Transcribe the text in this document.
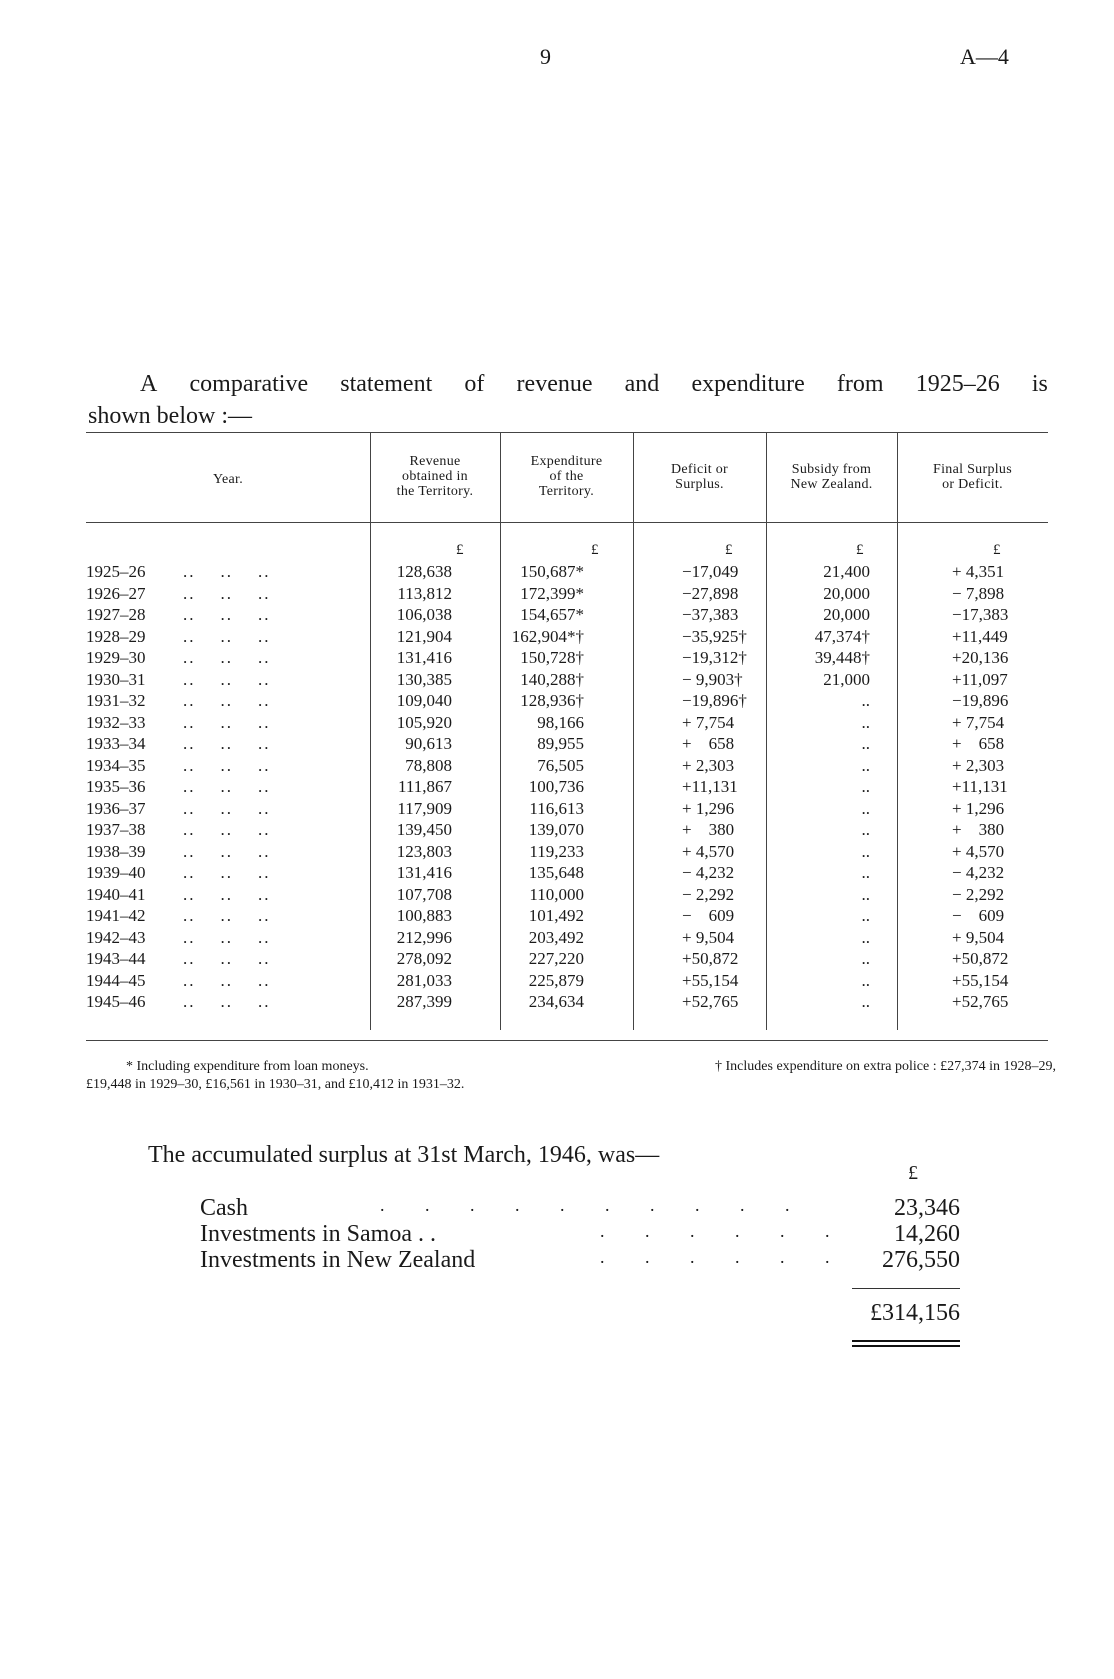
9	A—4
A comparative statement of revenue and expenditure from 1925–26 is
shown below :—
Year.
Revenue
obtained in
the Territory.
Expenditure
of the
Territory.
Deficit or
Surplus.
Subsidy from
New Zealand.
Final Surplus
or Deficit.
£	£	£	£	£
1925–26 ..    ..    ..	128,638	150,687*	−17,049	21,400	+ 4,351
1926–27 ..    ..    ..	113,812	172,399*	−27,898	20,000	− 7,898
1927–28 ..    ..    ..	106,038	154,657*	−37,383	20,000	−17,383
1928–29 ..    ..    ..	121,904	162,904*†	−35,925†	47,374†	+11,449
1929–30 ..    ..    ..	131,416	150,728†	−19,312†	39,448†	+20,136
1930–31 ..    ..    ..	130,385	140,288†	− 9,903†	21,000	+11,097
1931–32 ..    ..    ..	109,040	128,936†	−19,896†	..	−19,896
1932–33 ..    ..    ..	105,920	98,166	+ 7,754	..	+ 7,754
1933–34 ..    ..    ..	90,613	89,955	+    658	..	+    658
1934–35 ..    ..    ..	78,808	76,505	+ 2,303	..	+ 2,303
1935–36 ..    ..    ..	111,867	100,736	+11,131	..	+11,131
1936–37 ..    ..    ..	117,909	116,613	+ 1,296	..	+ 1,296
1937–38 ..    ..    ..	139,450	139,070	+    380	..	+    380
1938–39 ..    ..    ..	123,803	119,233	+ 4,570	..	+ 4,570
1939–40 ..    ..    ..	131,416	135,648	− 4,232	..	− 4,232
1940–41 ..    ..    ..	107,708	110,000	− 2,292	..	− 2,292
1941–42 ..    ..    ..	100,883	101,492	−    609	..	−    609
1942–43 ..    ..    ..	212,996	203,492	+ 9,504	..	+ 9,504
1943–44 ..    ..    ..	278,092	227,220	+50,872	..	+50,872
1944–45 ..    ..    ..	281,033	225,879	+55,154	..	+55,154
1945–46 ..    ..    ..	287,399	234,634	+52,765	..	+52,765
* Including expenditure from loan moneys.	† Includes expenditure on extra police : £27,374 in 1928–29,
£19,448 in 1929–30, £16,561 in 1930–31, and £10,412 in 1931–32.
The accumulated surplus at 31st March, 1946, was—
£
Cash	. . . . . . . . . .	23,346
Investments in Samoa . .	. . . . . . 14,260
Investments in New Zealand	. . . . . . 276,550
£314,156
